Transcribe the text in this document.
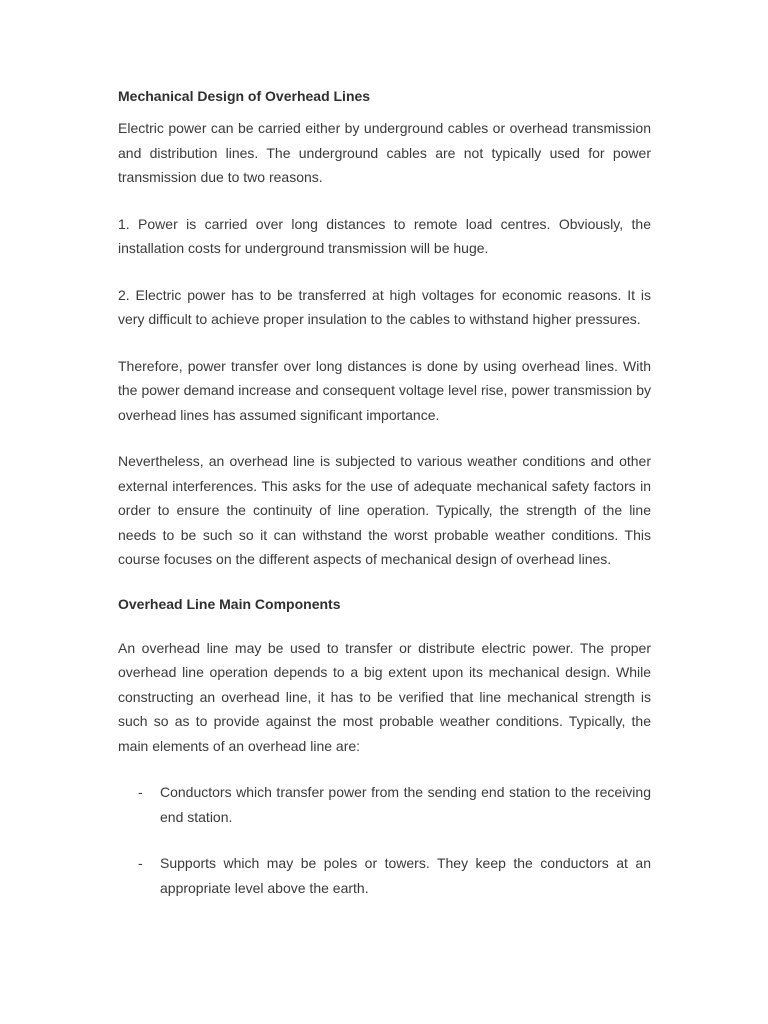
Mechanical Design of Overhead Lines

Electric power can be carried either by underground cables or overhead transmission and distribution lines. The underground cables are not typically used for power transmission due to two reasons.

1. Power is carried over long distances to remote load centres. Obviously, the installation costs for underground transmission will be huge.

2. Electric power has to be transferred at high voltages for economic reasons. It is very difficult to achieve proper insulation to the cables to withstand higher pressures.

Therefore, power transfer over long distances is done by using overhead lines. With the power demand increase and consequent voltage level rise, power transmission by overhead lines has assumed significant importance.

Nevertheless, an overhead line is subjected to various weather conditions and other external interferences. This asks for the use of adequate mechanical safety factors in order to ensure the continuity of line operation. Typically, the strength of the line needs to be such so it can withstand the worst probable weather conditions. This course focuses on the different aspects of mechanical design of overhead lines.

Overhead Line Main Components

An overhead line may be used to transfer or distribute electric power. The proper overhead line operation depends to a big extent upon its mechanical design. While constructing an overhead line, it has to be verified that line mechanical strength is such so as to provide against the most probable weather conditions. Typically, the main elements of an overhead line are:

- Conductors which transfer power from the sending end station to the receiving end station.
- Supports which may be poles or towers. They keep the conductors at an appropriate level above the earth.
